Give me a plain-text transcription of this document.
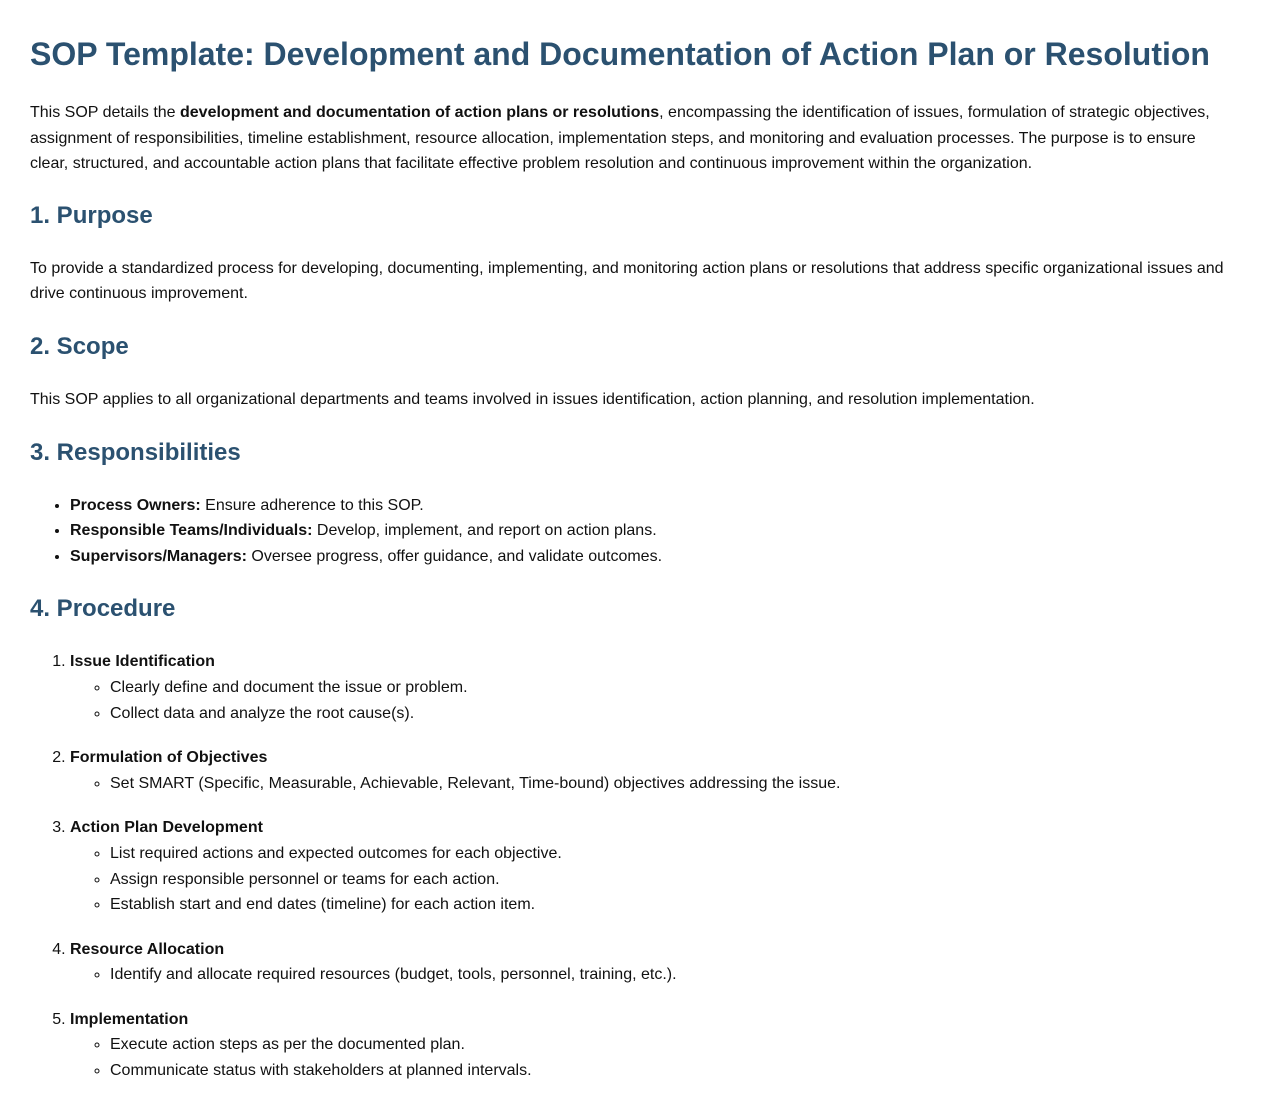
SOP Template: Development and Documentation of Action Plan or Resolution

This SOP details the development and documentation of action plans or resolutions, encompassing the identification of issues, formulation of strategic objectives, assignment of responsibilities, timeline establishment, resource allocation, implementation steps, and monitoring and evaluation processes. The purpose is to ensure clear, structured, and accountable action plans that facilitate effective problem resolution and continuous improvement within the organization.

1. Purpose

To provide a standardized process for developing, documenting, implementing, and monitoring action plans or resolutions that address specific organizational issues and drive continuous improvement.

2. Scope

This SOP applies to all organizational departments and teams involved in issues identification, action planning, and resolution implementation.

3. Responsibilities
• Process Owners: Ensure adherence to this SOP.
• Responsible Teams/Individuals: Develop, implement, and report on action plans.
• Supervisors/Managers: Oversee progress, offer guidance, and validate outcomes.
4. Procedure
1. Issue Identification
◦ Clearly define and document the issue or problem.
◦ Collect data and analyze the root cause(s).
2. Formulation of Objectives
◦ Set SMART (Specific, Measurable, Achievable, Relevant, Time-bound) objectives addressing the issue.
3. Action Plan Development
◦ List required actions and expected outcomes for each objective.
◦ Assign responsible personnel or teams for each action.
◦ Establish start and end dates (timeline) for each action item.
4. Resource Allocation
◦ Identify and allocate required resources (budget, tools, personnel, training, etc.).
5. Implementation
◦ Execute action steps as per the documented plan.
◦ Communicate status with stakeholders at planned intervals.
